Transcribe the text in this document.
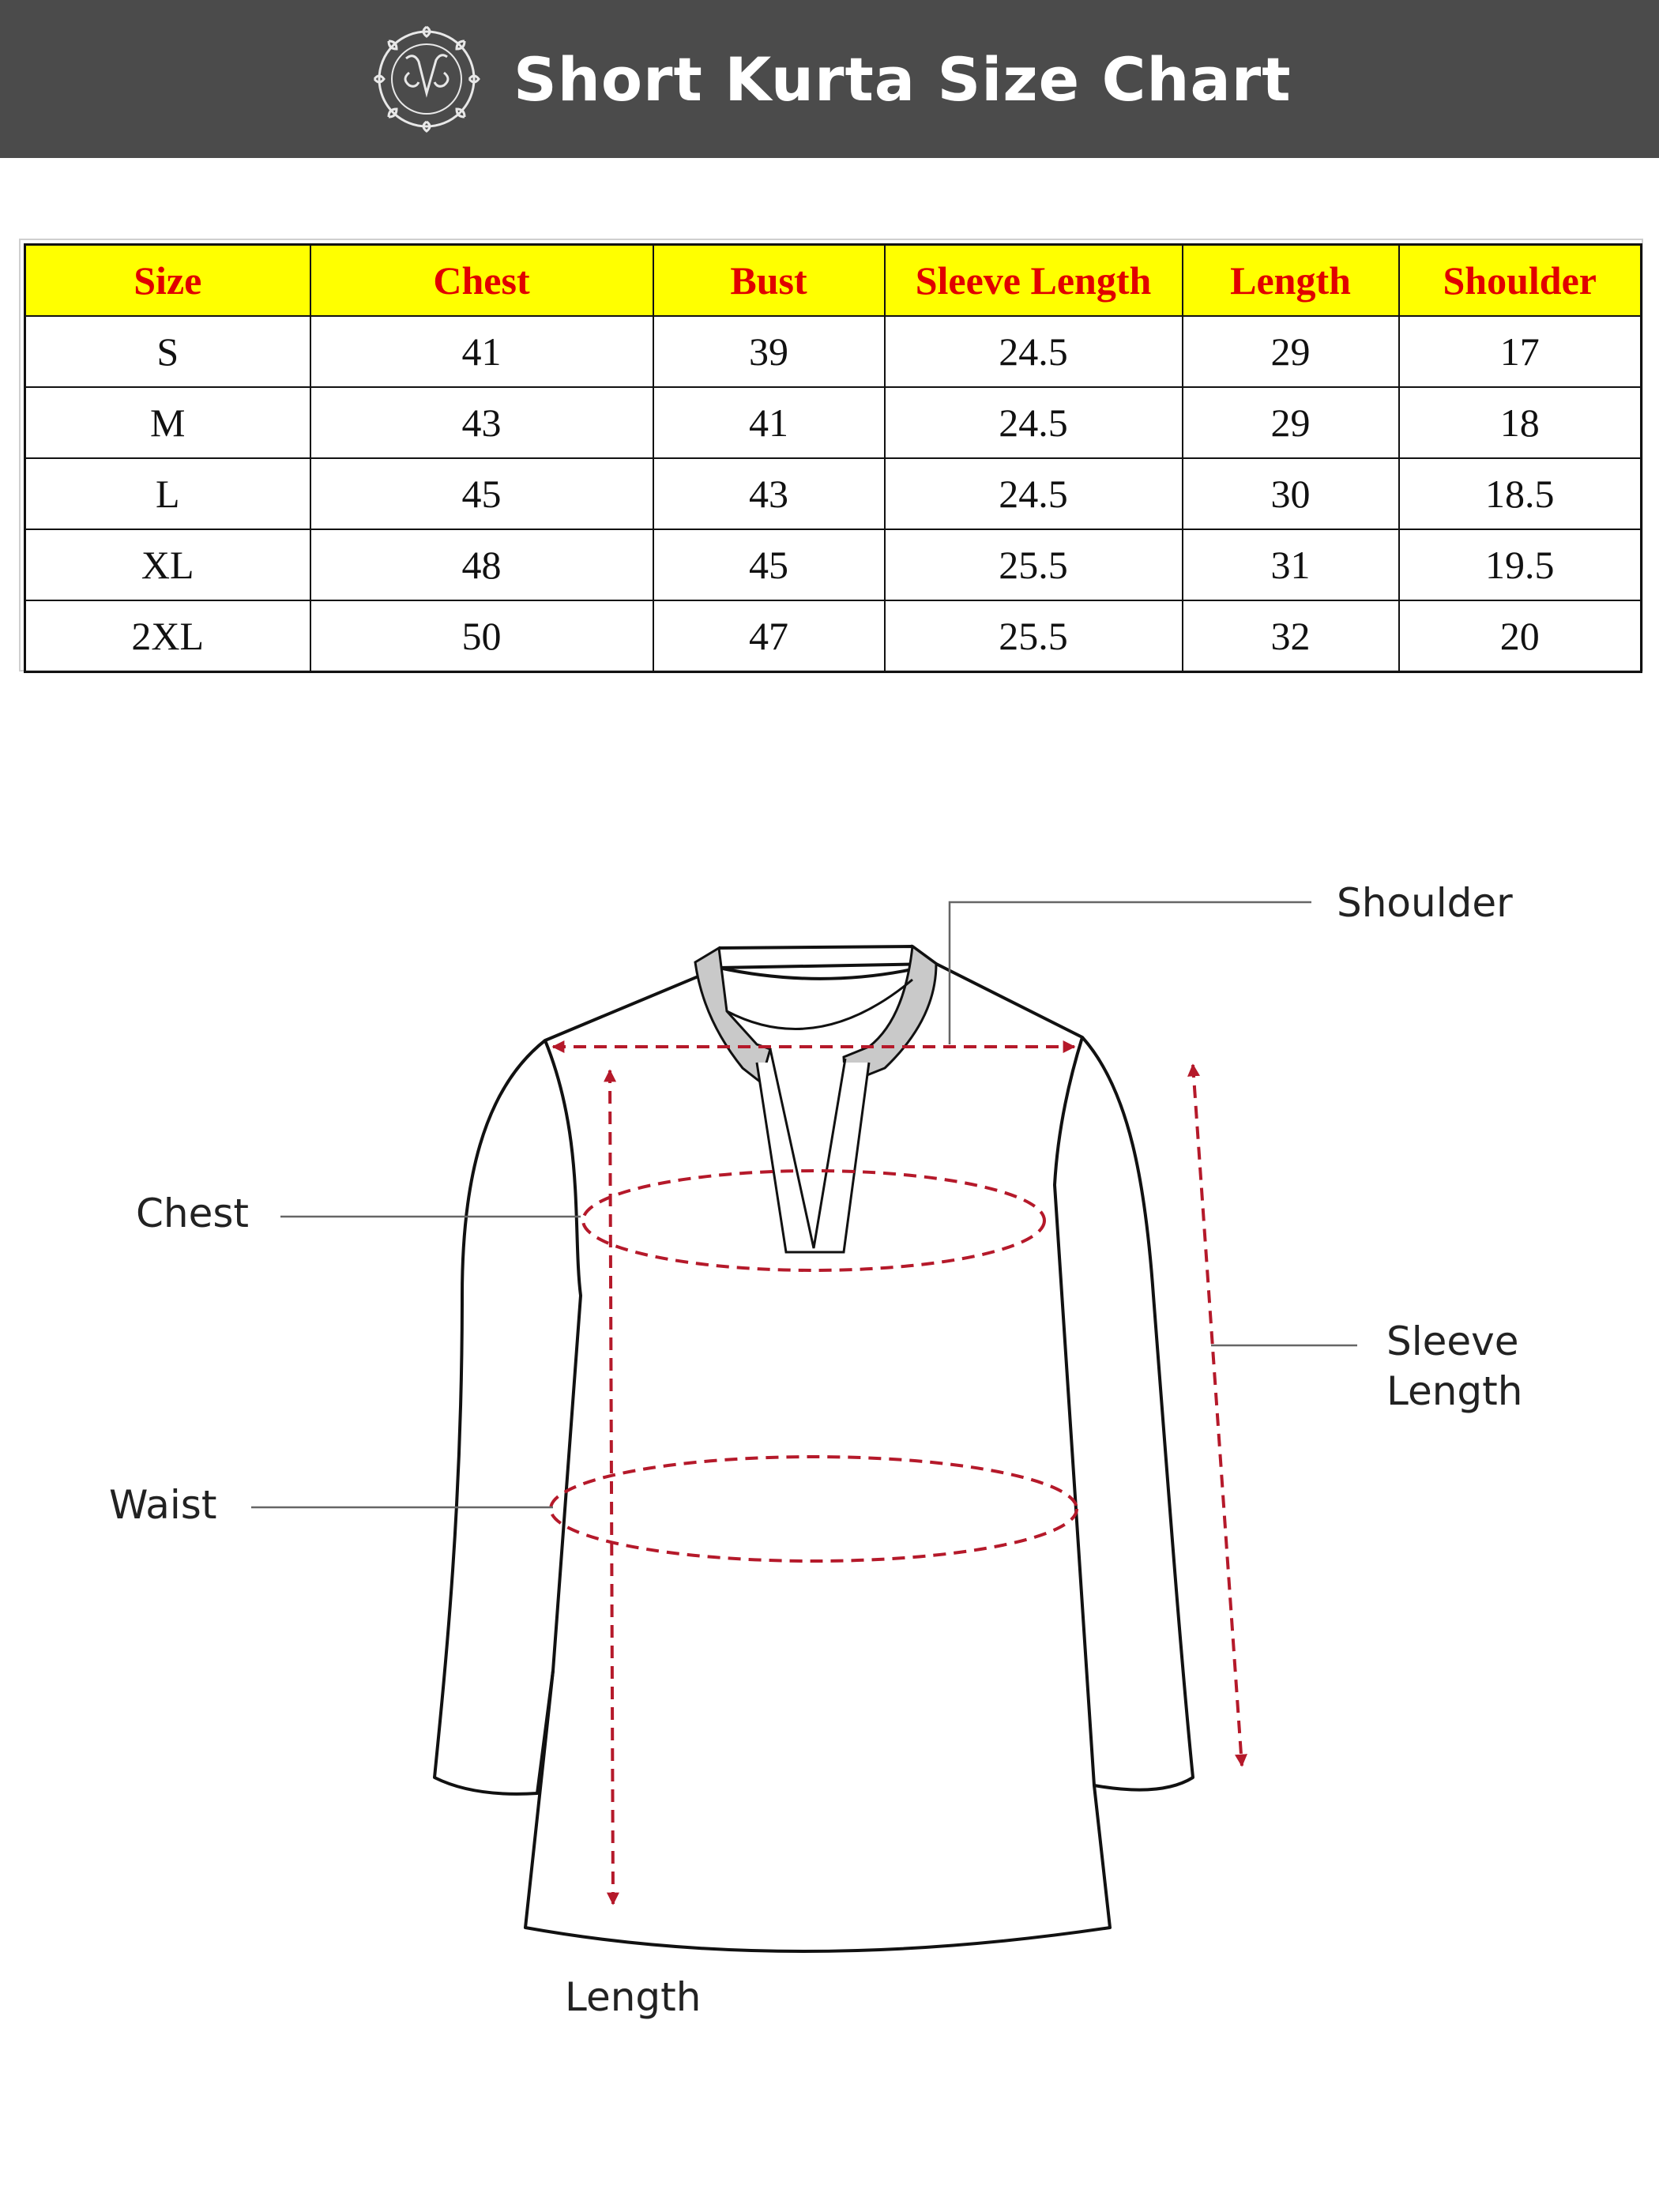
Short Kurta Size Chart
Size	Chest	Bust	Sleeve Length	Length	Shoulder
S	41	39	24.5	29	17
M	43	41	24.5	29	18
L	45	43	24.5	30	18.5
XL	48	45	25.5	31	19.5
2XL	50	47	25.5	32	20
Shoulder
Chest
Sleeve
Length
Waist
Length
